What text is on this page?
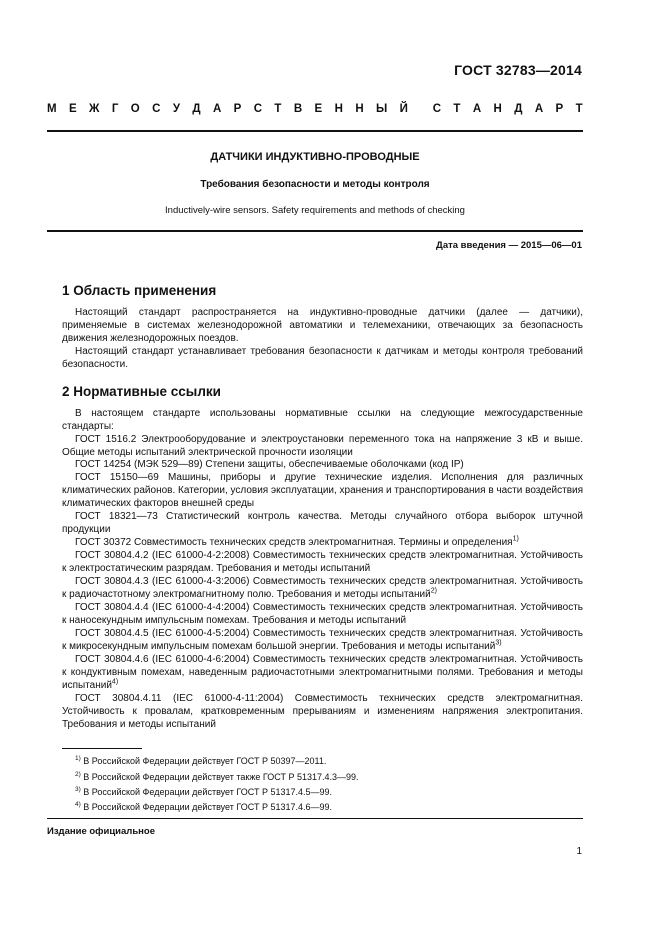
ГОСТ 32783—2014
М Е Ж Г О С У Д А Р С Т В Е Н Н Ы Й С Т А Н Д А Р Т
ДАТЧИКИ ИНДУКТИВНО-ПРОВОДНЫЕ
Требования безопасности и методы контроля
Inductively-wire sensors. Safety requirements and methods of checking
Дата введения — 2015—06—01
1 Область применения
Настоящий стандарт распространяется на индуктивно-проводные датчики (далее — датчики), применяемые в системах железнодорожной автоматики и телемеханики, отвечающих за безопасность движения железнодорожных поездов.
Настоящий стандарт устанавливает требования безопасности к датчикам и методы контроля требований безопасности.
2 Нормативные ссылки
В настоящем стандарте использованы нормативные ссылки на следующие межгосударственные стандарты:
ГОСТ 1516.2 Электрооборудование и электроустановки переменного тока на напряжение 3 кВ и выше. Общие методы испытаний электрической прочности изоляции
ГОСТ 14254 (МЭК 529—89) Степени защиты, обеспечиваемые оболочками (код IP)
ГОСТ 15150—69 Машины, приборы и другие технические изделия. Исполнения для различных климатических районов. Категории, условия эксплуатации, хранения и транспортирования в части воздействия климатических факторов внешней среды
ГОСТ 18321—73 Статистический контроль качества. Методы случайного отбора выборок штучной продукции
ГОСТ 30372 Совместимость технических средств электромагнитная. Термины и определения$^{1)}$
ГОСТ 30804.4.2 (IEC 61000-4-2:2008) Совместимость технических средств электромагнитная. Устойчивость к электростатическим разрядам. Требования и методы испытаний
ГОСТ 30804.4.3 (IEC 61000-4-3:2006) Совместимость технических средств электромагнитная. Устойчивость к радиочастотному электромагнитному полю. Требования и методы испытаний$^{2)}$
ГОСТ 30804.4.4 (IEC 61000-4-4:2004) Совместимость технических средств электромагнитная. Устойчивость к наносекундным импульсным помехам. Требования и методы испытаний
ГОСТ 30804.4.5 (IEC 61000-4-5:2004) Совместимость технических средств электромагнитная. Устойчивость к микросекундным импульсным помехам большой энергии. Требования и методы испытаний$^{3)}$
ГОСТ 30804.4.6 (IEC 61000-4-6:2004) Совместимость технических средств электромагнитная. Устойчивость к кондуктивным помехам, наведенным радиочастотными электромагнитными полями. Требования и методы испытаний$^{4)}$
ГОСТ 30804.4.11 (IEC 61000-4-11:2004) Совместимость технических средств электромагнитная. Устойчивость к провалам, кратковременным прерываниям и изменениям напряжения электропитания. Требования и методы испытаний
$^{1)}$ В Российской Федерации действует ГОСТ Р 50397—2011.
$^{2)}$ В Российской Федерации действует также ГОСТ Р 51317.4.3—99.
$^{3)}$ В Российской Федерации действует ГОСТ Р 51317.4.5—99.
$^{4)}$ В Российской Федерации действует ГОСТ Р 51317.4.6—99.
Издание официальное
1
